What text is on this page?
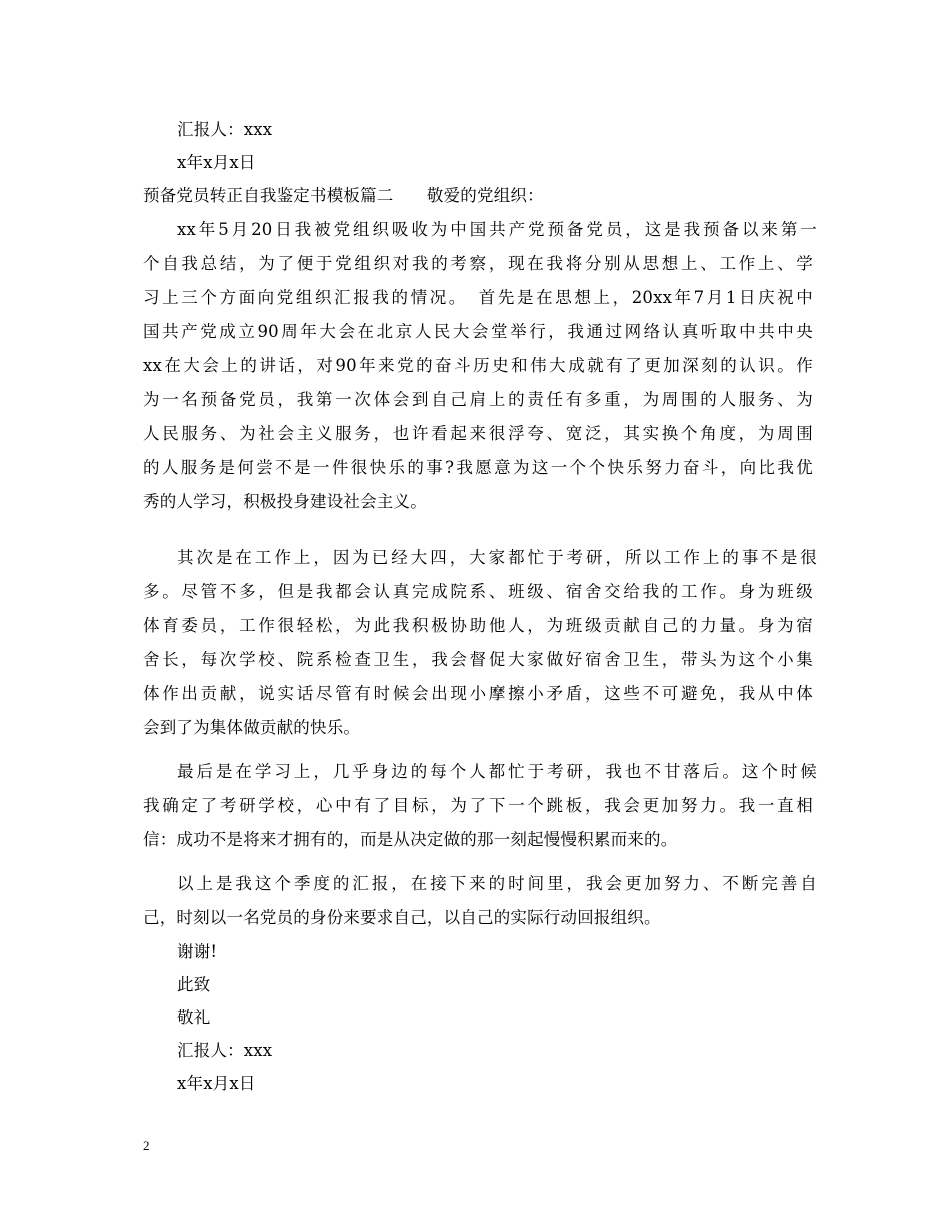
汇报人：xxx
x年x月x日
预备党员转正自我鉴定书模板篇二　　敬爱的党组织：
xx年5月20日我被党组织吸收为中国共产党预备党员，这是我预备以来第一
个自我总结，为了便于党组织对我的考察，现在我将分别从思想上、工作上、学
习上三个方面向党组织汇报我的情况。　首先是在思想上，20xx年7月1日庆祝中
国共产党成立90周年大会在北京人民大会堂举行，我通过网络认真听取中共中央
xx在大会上的讲话，对90年来党的奋斗历史和伟大成就有了更加深刻的认识。作
为一名预备党员，我第一次体会到自己肩上的责任有多重，为周围的人服务、为
人民服务、为社会主义服务，也许看起来很浮夸、宽泛，其实换个角度，为周围
的人服务是何尝不是一件很快乐的事?我愿意为这一个个快乐努力奋斗，向比我优
秀的人学习，积极投身建设社会主义。
其次是在工作上，因为已经大四，大家都忙于考研，所以工作上的事不是很
多。尽管不多，但是我都会认真完成院系、班级、宿舍交给我的工作。身为班级
体育委员，工作很轻松，为此我积极协助他人，为班级贡献自己的力量。身为宿
舍长，每次学校、院系检查卫生，我会督促大家做好宿舍卫生，带头为这个小集
体作出贡献，说实话尽管有时候会出现小摩擦小矛盾，这些不可避免，我从中体
会到了为集体做贡献的快乐。
最后是在学习上，几乎身边的每个人都忙于考研，我也不甘落后。这个时候
我确定了考研学校，心中有了目标，为了下一个跳板，我会更加努力。我一直相
信：成功不是将来才拥有的，而是从决定做的那一刻起慢慢积累而来的。
以上是我这个季度的汇报，在接下来的时间里，我会更加努力、不断完善自
己，时刻以一名党员的身份来要求自己，以自己的实际行动回报组织。
谢谢!
此致
敬礼
汇报人：xxx
x年x月x日
2
